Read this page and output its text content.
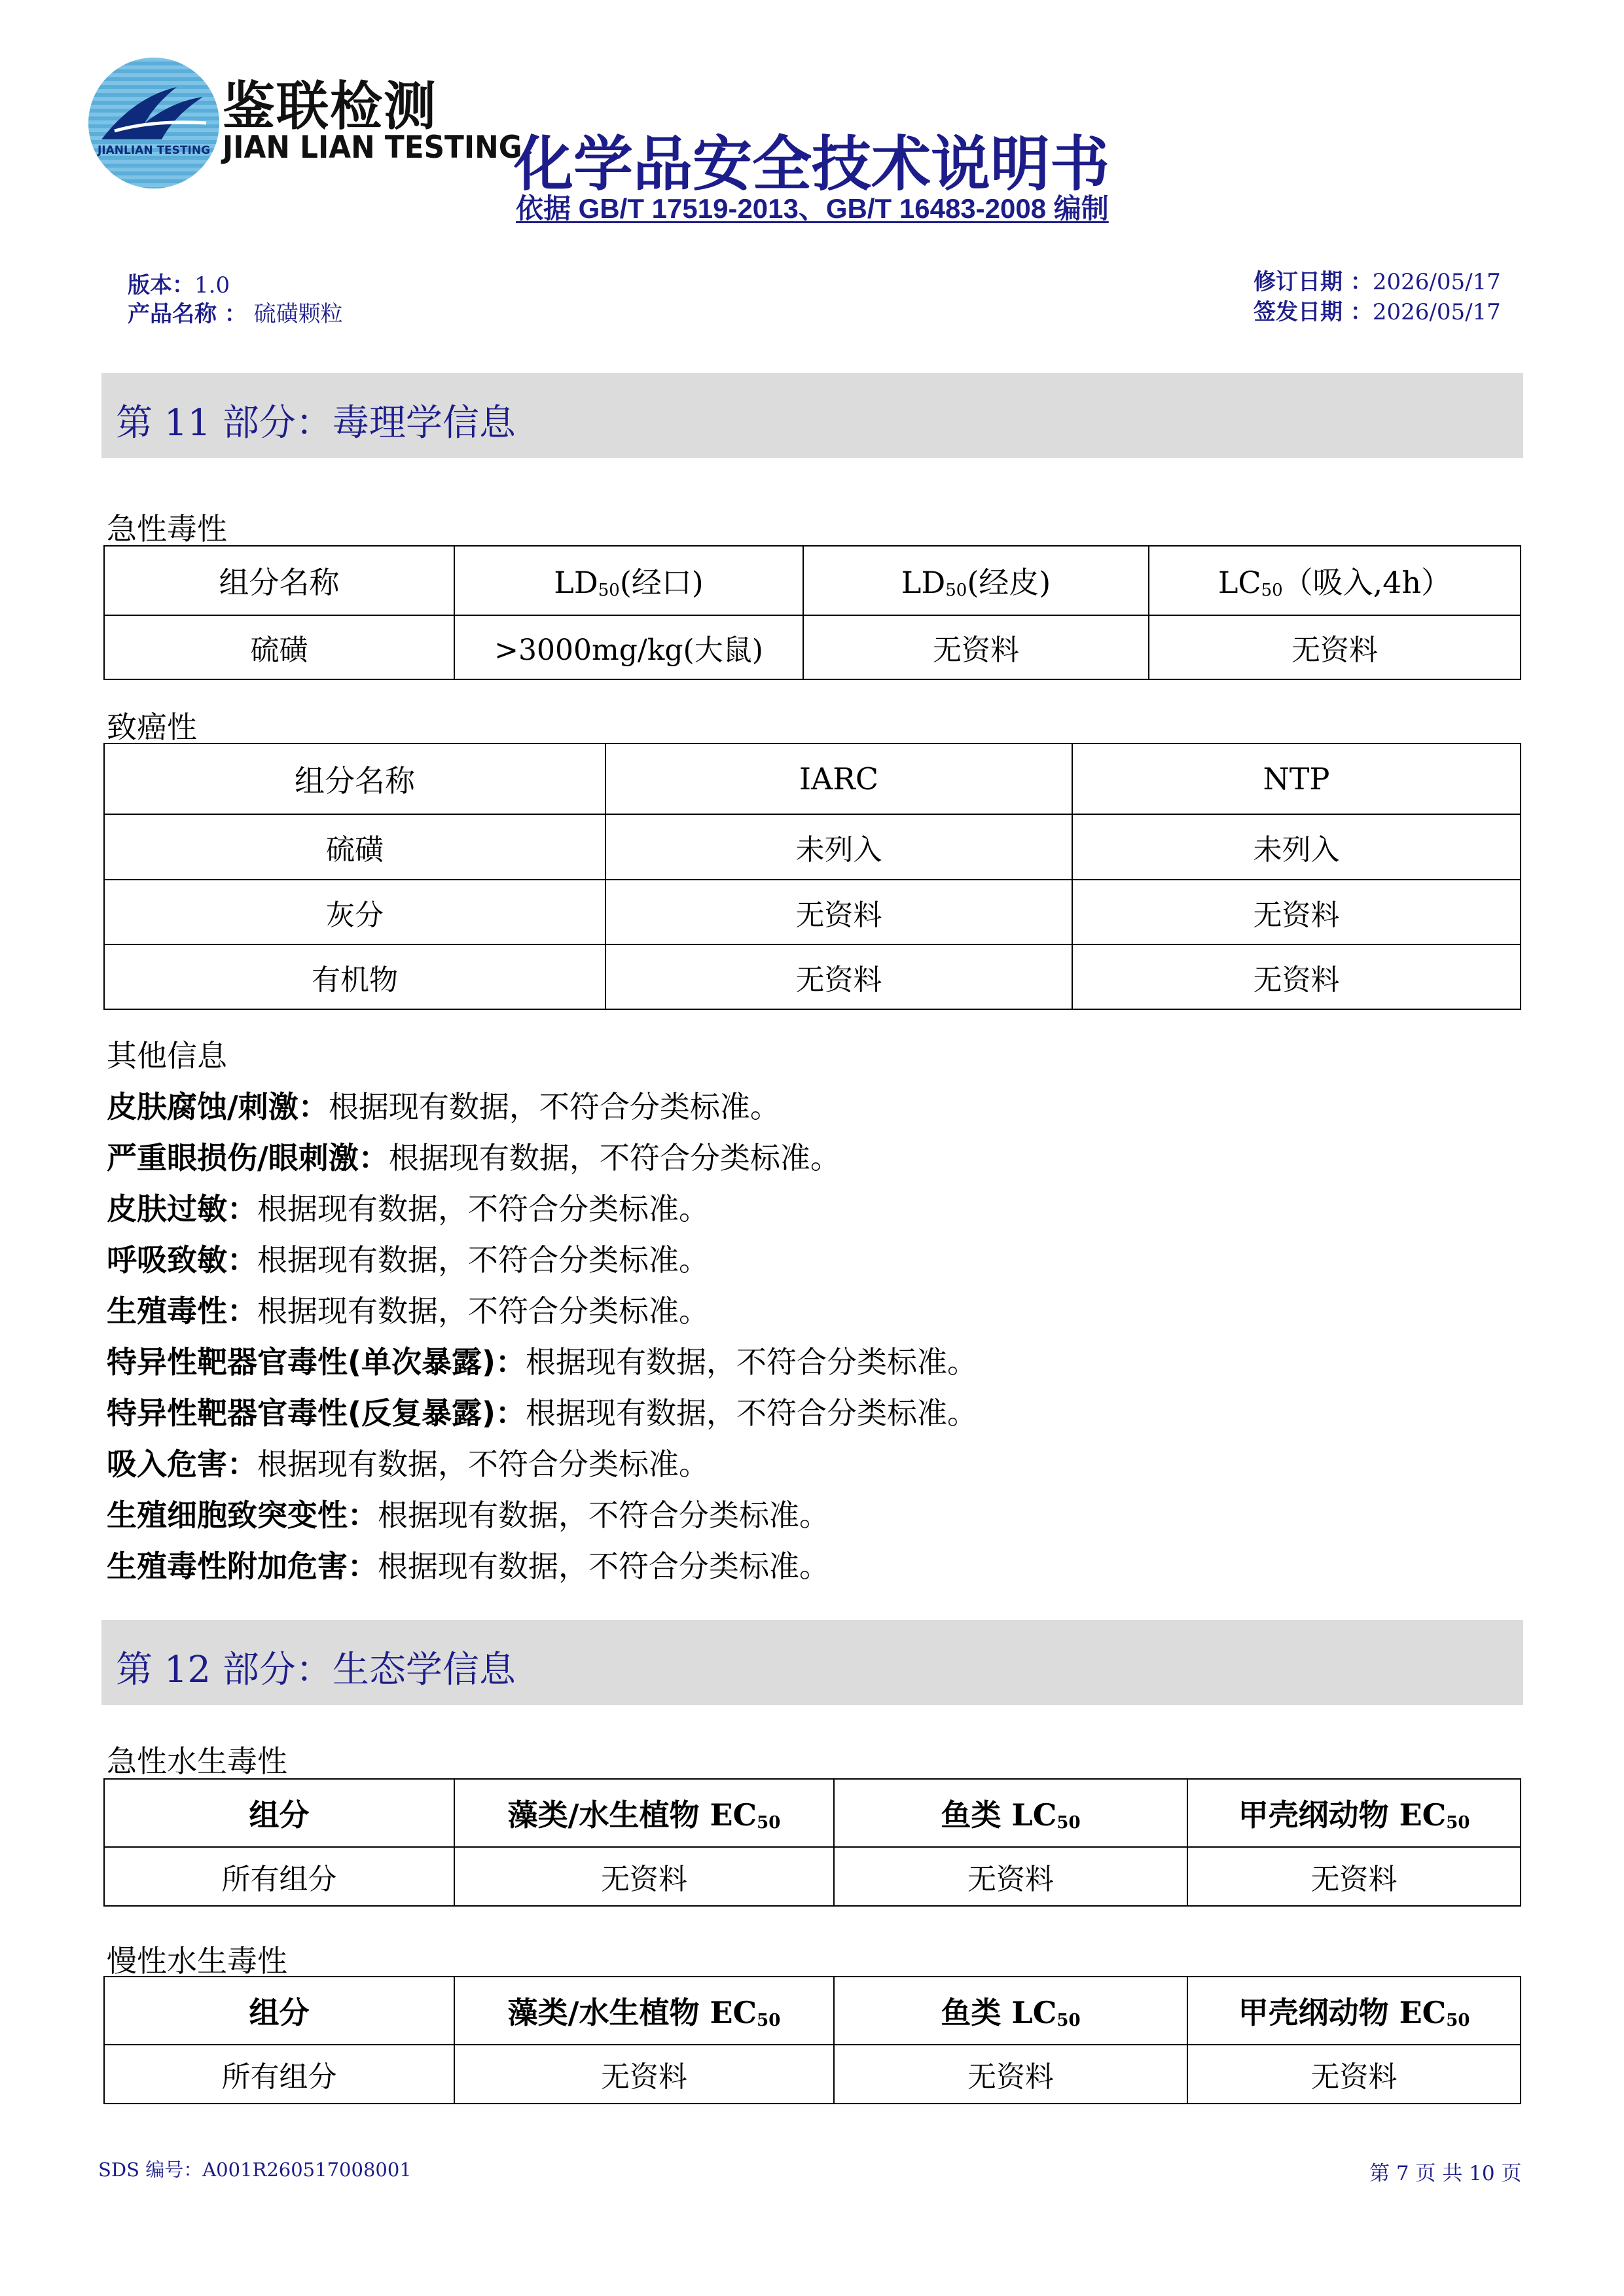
JIANLIAN TESTING
鉴联检测
JIAN LIAN TESTING
化学品安全技术说明书
依据 GB/T 17519-2013、GB/T 16483-2008 编制
版本：1.0
产品名称 ： 硫磺颗粒
修订日期 ：2026/05/17
签发日期 ：2026/05/17
第 11 部分：毒理学信息
急性毒性
组分名称	$LD_{50}$(经口)	$LD_{50}$(经皮)	$LC_{50}$（吸入,4h）
硫磺	>3000mg/kg(大鼠)	无资料	无资料
致癌性
组分名称	IARC	NTP
硫磺	未列入	未列入
灰分	无资料	无资料
有机物	无资料	无资料
其他信息
皮肤腐蚀/刺激：根据现有数据，不符合分类标准。
严重眼损伤/眼刺激：根据现有数据，不符合分类标准。
皮肤过敏：根据现有数据，不符合分类标准。
呼吸致敏：根据现有数据，不符合分类标准。
生殖毒性：根据现有数据，不符合分类标准。
特异性靶器官毒性(单次暴露)：根据现有数据，不符合分类标准。
特异性靶器官毒性(反复暴露)：根据现有数据，不符合分类标准。
吸入危害：根据现有数据，不符合分类标准。
生殖细胞致突变性：根据现有数据，不符合分类标准。
生殖毒性附加危害：根据现有数据，不符合分类标准。
第 12 部分：生态学信息
急性水生毒性
组分	藻类/水生植物 $EC_{50}$	鱼类 $LC_{50}$	甲壳纲动物 $EC_{50}$
所有组分	无资料	无资料	无资料
慢性水生毒性
组分	藻类/水生植物 $EC_{50}$	鱼类 $LC_{50}$	甲壳纲动物 $EC_{50}$
所有组分	无资料	无资料	无资料
SDS 编号：A001R260517008001	第 7 页 共 10 页
